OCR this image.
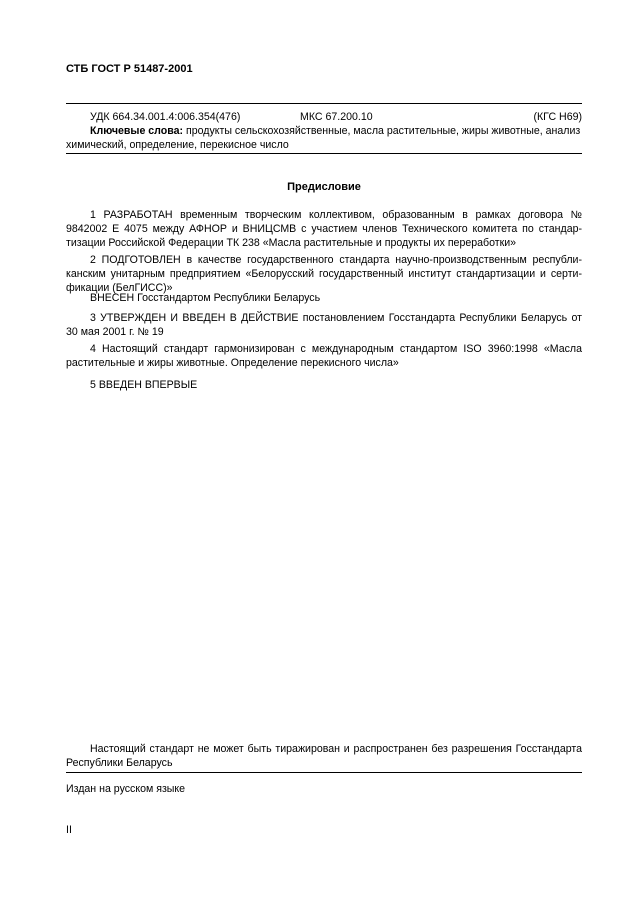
СТБ ГОСТ Р 51487-2001
УДК 664.34.001.4:006.354(476)	МКС 67.200.10	(КГС Н69)
Ключевые слова: продукты сельскохозяйственные, масла растительные, жиры животные, анализ
химический, определение, перекисное число
Предисловие
1 РАЗРАБОТАН временным творческим коллективом, образованным в рамках договора № 9842002 Е 4075 между АФНОР и ВНИЦСМВ с участием членов Технического комитета по стандар-тизации Российской Федерации ТК 238 «Масла растительные и продукты их переработки»
2 ПОДГОТОВЛЕН в качестве государственного стандарта научно-производственным республи-канским унитарным предприятием «Белорусский государственный институт стандартизации и серти-фикации (БелГИСС)»
ВНЕСЕН Госстандартом Республики Беларусь
3 УТВЕРЖДЕН И ВВЕДЕН В ДЕЙСТВИЕ постановлением Госстандарта Республики Беларусь от 30 мая 2001 г. № 19
4 Настоящий стандарт гармонизирован с международным стандартом ISO 3960:1998 «Масла растительные и жиры животные. Определение перекисного числа»
5 ВВЕДЕН ВПЕРВЫЕ
Настоящий стандарт не может быть тиражирован и распространен без разрешения Госстандарта Республики Беларусь
Издан на русском языке
II
